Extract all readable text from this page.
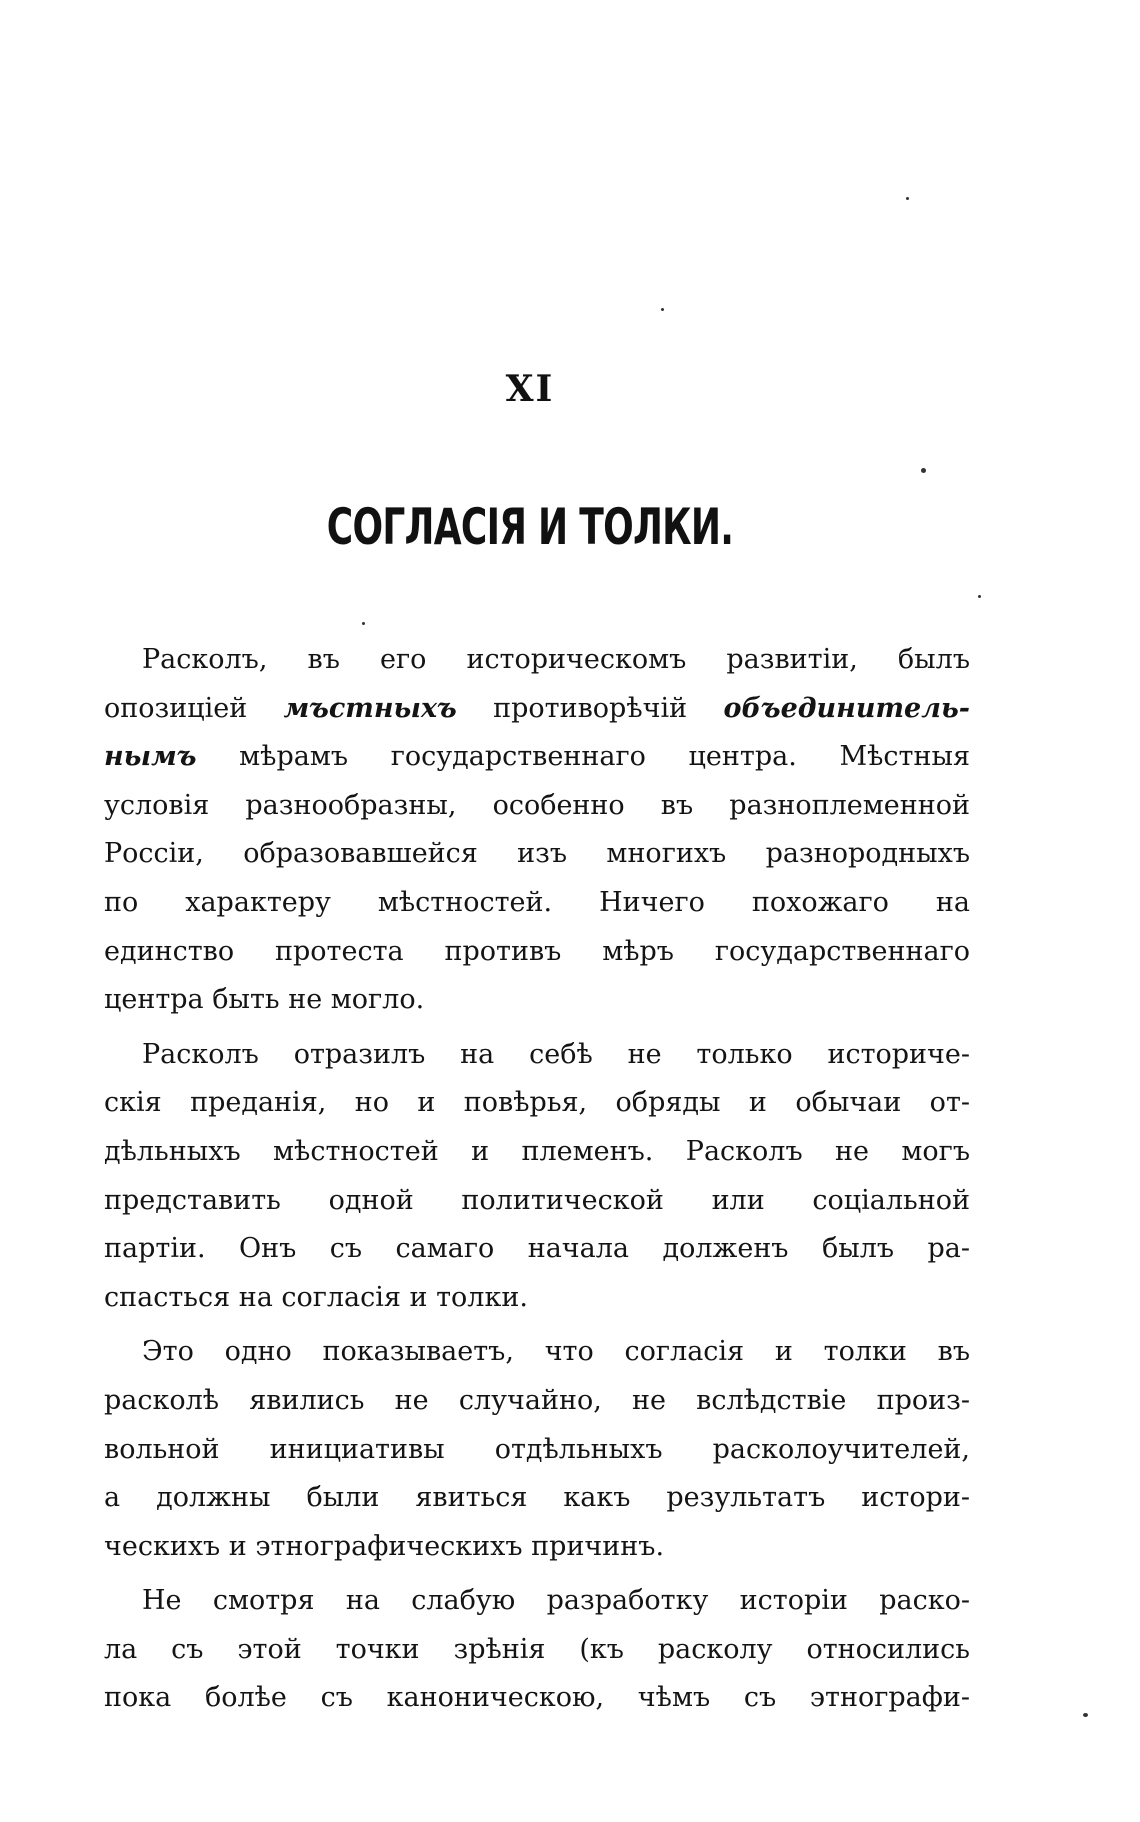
XI
СОГЛАСІЯ И ТОЛКИ.
Расколъ, въ его историческомъ развитіи, былъ
опозиціей мъстныхъ противорѣчій объединитель-
нымъ мѣрамъ государственнаго центра. Мѣстныя
условія разнообразны, особенно въ разноплеменной
Россіи, образовавшейся изъ многихъ разнородныхъ
по характеру мѣстностей. Ничего похожаго на
единство протеста противъ мѣръ государственнаго
центра быть не могло.
Расколъ отразилъ на себѣ не только историче-
скія преданія, но и повѣрья, обряды и обычаи от-
дѣльныхъ мѣстностей и племенъ. Расколъ не могъ
представить одной политической или соціальной
партіи. Онъ съ самаго начала долженъ былъ ра-
спасться на согласія и толки.
Это одно показываетъ, что согласія и толки въ
расколѣ явились не случайно, не вслѣдствіе произ-
вольной инициативы отдѣльныхъ расколоучителей,
а должны были явиться какъ результатъ истори-
ческихъ и этнографическихъ причинъ.
Не смотря на слабую разработку исторіи раско-
ла съ этой точки зрѣнія (къ расколу относились
пока болѣе съ каноническою, чѣмъ съ этнографи-
